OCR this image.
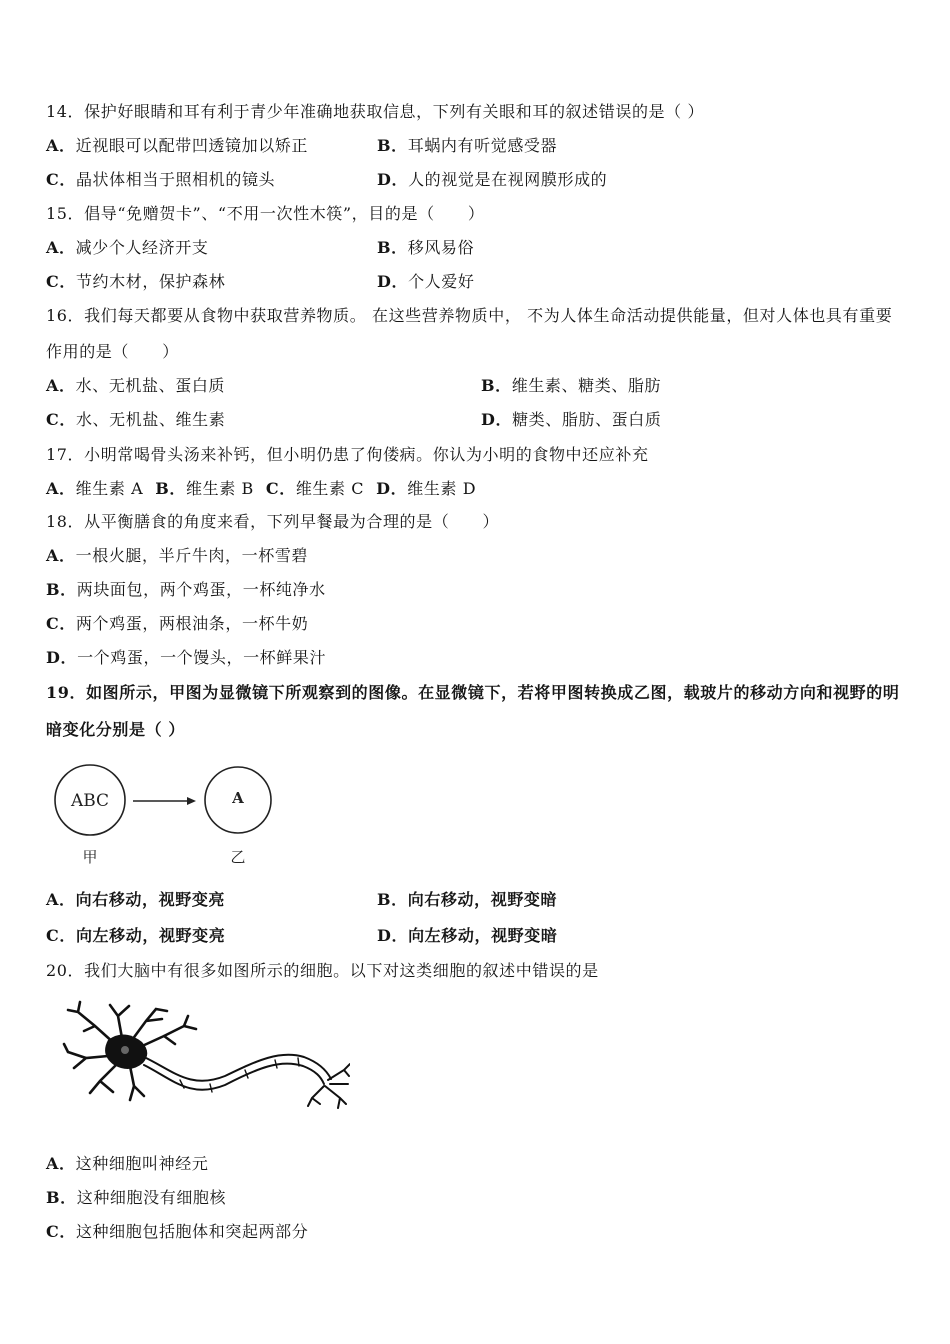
14．保护好眼睛和耳有利于青少年准确地获取信息，下列有关眼和耳的叙述错误的是（ ）
A．近视眼可以配带凹透镜加以矫正	B．耳蜗内有听觉感受器
C．晶状体相当于照相机的镜头	D．人的视觉是在视网膜形成的
15．倡导“免赠贺卡”、“不用一次性木筷”，目的是（　　）
A．减少个人经济开支	B．移风易俗
C．节约木材，保护森林	D．个人爱好
16．我们每天都要从食物中获取营养物质。 在这些营养物质中， 不为人体生命活动提供能量，但对人体也具有重要
作用的是（　　）
A．水、无机盐、蛋白质	B．维生素、糖类、脂肪
C．水、无机盐、维生素	D．糖类、脂肪、蛋白质
17．小明常喝骨头汤来补钙，但小明仍患了佝偻病。你认为小明的食物中还应补充
A．维生素 A B．维生素 B C．维生素 C D．维生素 D
18．从平衡膳食的角度来看，下列早餐最为合理的是（　　）
A．一根火腿，半斤牛肉，一杯雪碧
B．两块面包，两个鸡蛋，一杯纯净水
C．两个鸡蛋，两根油条，一杯牛奶
D．一个鸡蛋，一个馒头，一杯鲜果汁
19．如图所示，甲图为显微镜下所观察到的图像。在显微镜下，若将甲图转换成乙图，载玻片的移动方向和视野的明
暗变化分别是（ ）
ABC	A
甲	乙
A．向右移动，视野变亮	B．向右移动，视野变暗
C．向左移动，视野变亮	D．向左移动，视野变暗
20．我们大脑中有很多如图所示的细胞。以下对这类细胞的叙述中错误的是
A．这种细胞叫神经元
B．这种细胞没有细胞核
C．这种细胞包括胞体和突起两部分
